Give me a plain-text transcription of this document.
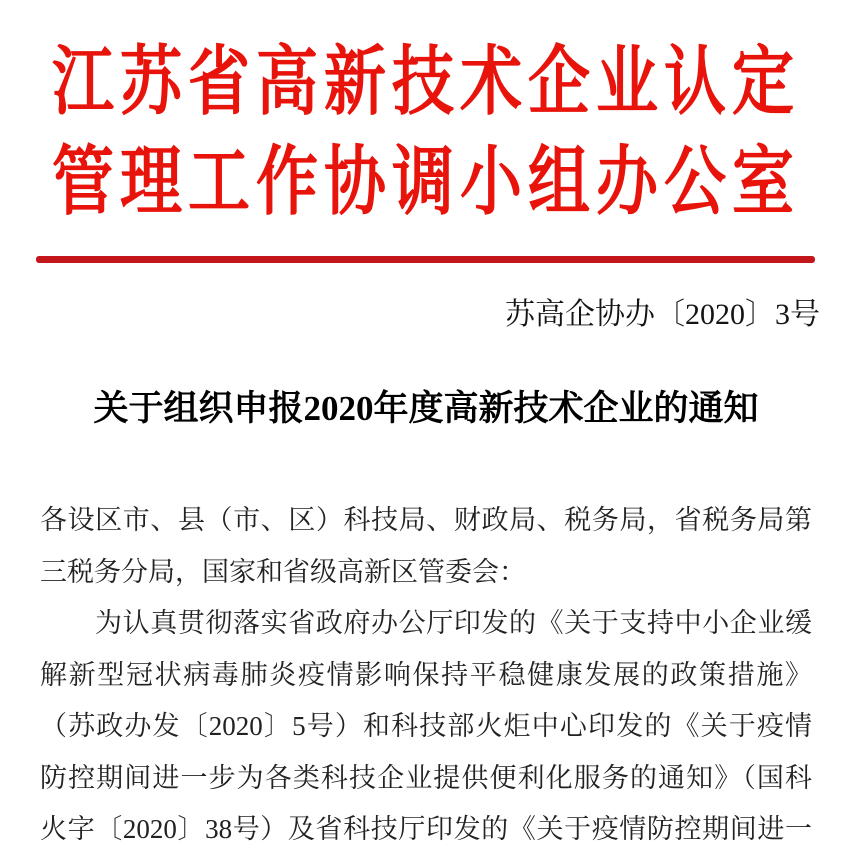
江苏省高新技术企业认定
管理工作协调小组办公室
苏高企协办〔2020〕3号
关于组织申报2020年度高新技术企业的通知
各设区市、县（市、区）科技局、财政局、税务局，省税务局第
三税务分局，国家和省级高新区管委会：
为认真贯彻落实省政府办公厅印发的《关于支持中小企业缓
解新型冠状病毒肺炎疫情影响保持平稳健康发展的政策措施》
（苏政办发〔2020〕5号）和科技部火炬中心印发的《关于疫情
防控期间进一步为各类科技企业提供便利化服务的通知》（国科
火字〔2020〕38号）及省科技厅印发的《关于疫情防控期间进一
